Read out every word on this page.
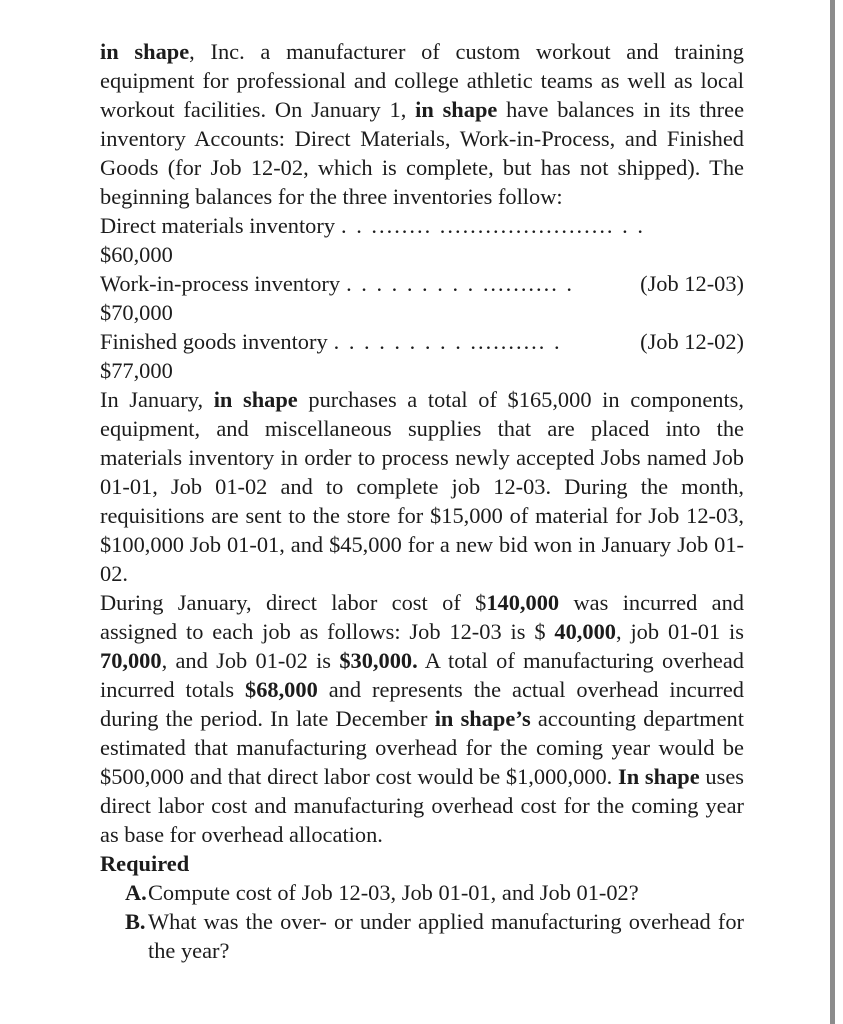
in shape, Inc. a manufacturer of custom workout and training equipment for professional and college athletic teams as well as local workout facilities. On January 1, in shape have balances in its three inventory Accounts: Direct Materials, Work-in-Process, and Finished Goods (for Job 12-02, which is complete, but has not shipped). The beginning balances for the three inventories follow:

Direct materials inventory . . ........ ....................... . .
$60,000
Work-in-process inventory . . . . . . . . . .......... .	(Job 12-03)
$70,000
Finished goods inventory . . . . . . . . . .......... .	(Job 12-02)
$77,000

In January, in shape purchases a total of $165,000 in components, equipment, and miscellaneous supplies that are placed into the materials inventory in order to process newly accepted Jobs named Job 01-01, Job 01-02 and to complete job 12-03. During the month, requisitions are sent to the store for $15,000 of material for Job 12-03, $100,000 Job 01-01, and $45,000 for a new bid won in January Job 01-02.

During January, direct labor cost of $140,000 was incurred and assigned to each job as follows: Job 12-03 is $ 40,000, job 01-01 is 70,000, and Job 01-02 is $30,000. A total of manufacturing overhead incurred totals $68,000 and represents the actual overhead incurred during the period. In late December in shape’s accounting department estimated that manufacturing overhead for the coming year would be $500,000 and that direct labor cost would be $1,000,000. In shape uses direct labor cost and manufacturing overhead cost for the coming year as base for overhead allocation.

Required

A. Compute cost of Job 12-03, Job 01-01, and Job 01-02?

B. What was the over- or under applied manufacturing overhead for the year?
